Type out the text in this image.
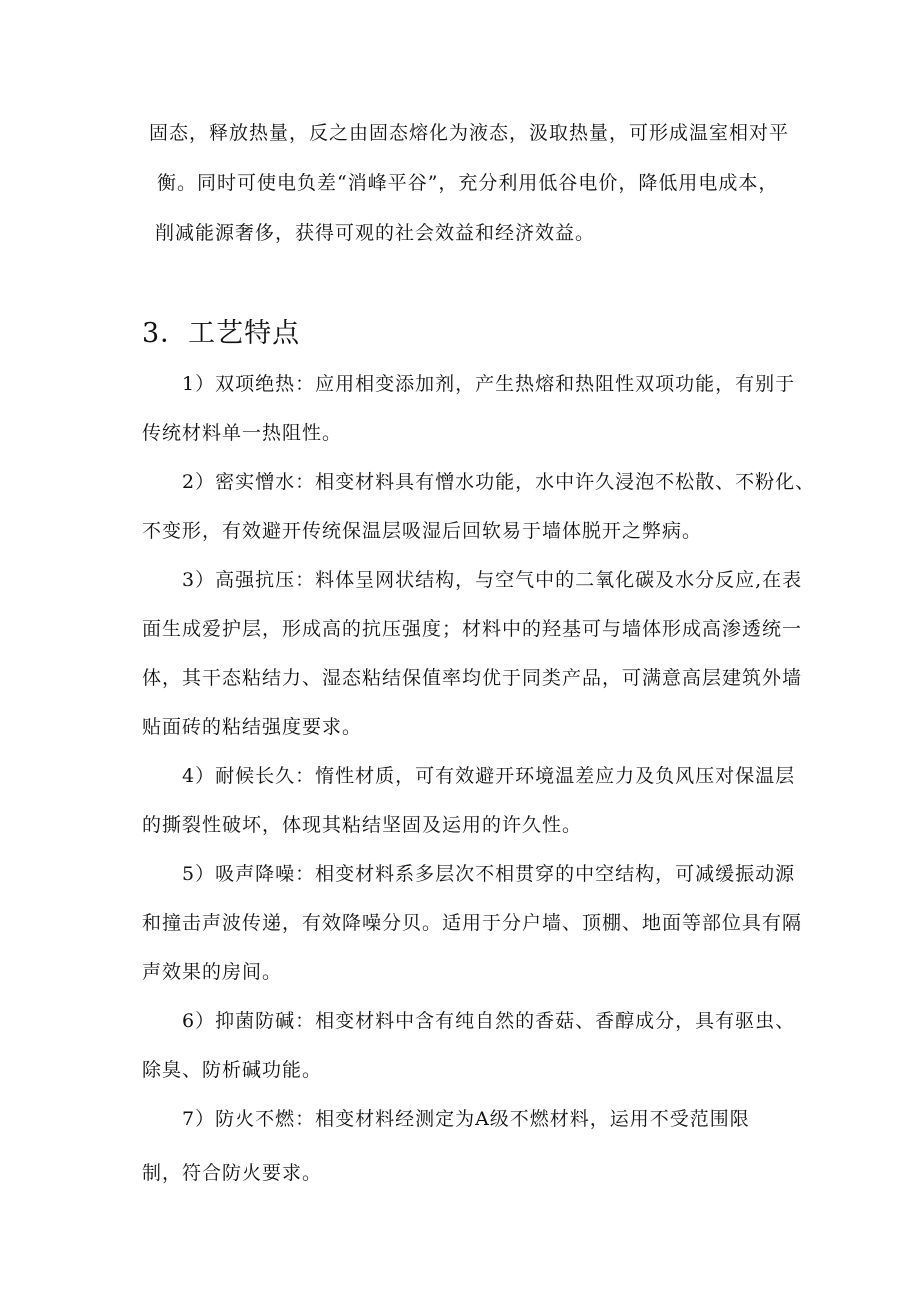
固态，释放热量，反之由固态熔化为液态，汲取热量，可形成温室相对平
衡。同时可使电负差“消峰平谷”，充分利用低谷电价，降低用电成本，
削减能源奢侈，获得可观的社会效益和经济效益。
3．工艺特点
1）双项绝热：应用相变添加剂，产生热熔和热阻性双项功能，有别于
传统材料单一热阻性。
2）密实憎水：相变材料具有憎水功能，水中许久浸泡不松散、不粉化、
不变形，有效避开传统保温层吸湿后回软易于墙体脱开之弊病。
3）高强抗压：料体呈网状结构，与空气中的二氧化碳及水分反应,在表
面生成爱护层，形成高的抗压强度；材料中的羟基可与墙体形成高渗透统一
体，其干态粘结力、湿态粘结保值率均优于同类产品，可满意高层建筑外墙
贴面砖的粘结强度要求。
4）耐候长久：惰性材质，可有效避开环境温差应力及负风压对保温层
的撕裂性破坏，体现其粘结坚固及运用的许久性。
5）吸声降噪：相变材料系多层次不相贯穿的中空结构，可减缓振动源
和撞击声波传递，有效降噪分贝。适用于分户墙、顶棚、地面等部位具有隔
声效果的房间。
6）抑菌防碱：相变材料中含有纯自然的香菇、香醇成分，具有驱虫、
除臭、防析碱功能。
7）防火不燃：相变材料经测定为A级不燃材料，运用不受范围限
制，符合防火要求。
